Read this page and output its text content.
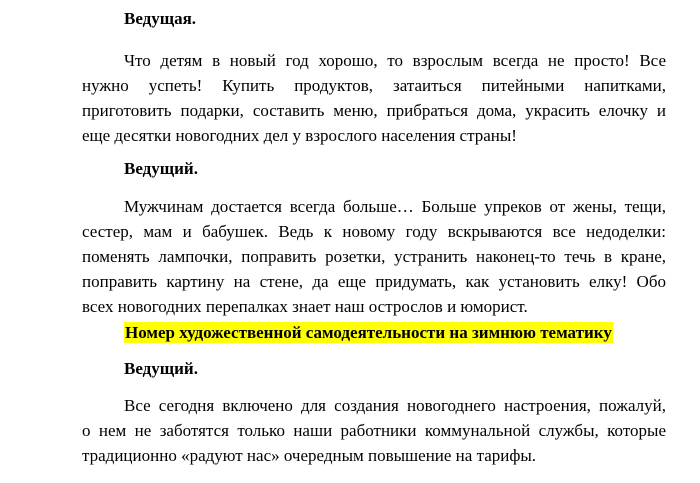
Ведущая.

Что детям в новый год хорошо, то взрослым всегда не просто! Все
нужно успеть! Купить продуктов, затаиться питейными напитками,
приготовить подарки, составить меню, прибраться дома, украсить елочку и
еще десятки новогодних дел у взрослого населения страны!

Ведущий.

Мужчинам достается всегда больше… Больше упреков от жены, тещи,
сестер, мам и бабушек. Ведь к новому году вскрываются все недоделки:
поменять лампочки, поправить розетки, устранить наконец-то течь в кране,
поправить картину на стене, да еще придумать, как установить елку! Обо
всех новогодних перепалках знает наш острослов и юморист.

Номер художественной самодеятельности на зимнюю тематику

Ведущий.

Все сегодня включено для создания новогоднего настроения, пожалуй,
о нем не заботятся только наши работники коммунальной службы, которые
традиционно «радуют нас» очередным повышение на тарифы.
